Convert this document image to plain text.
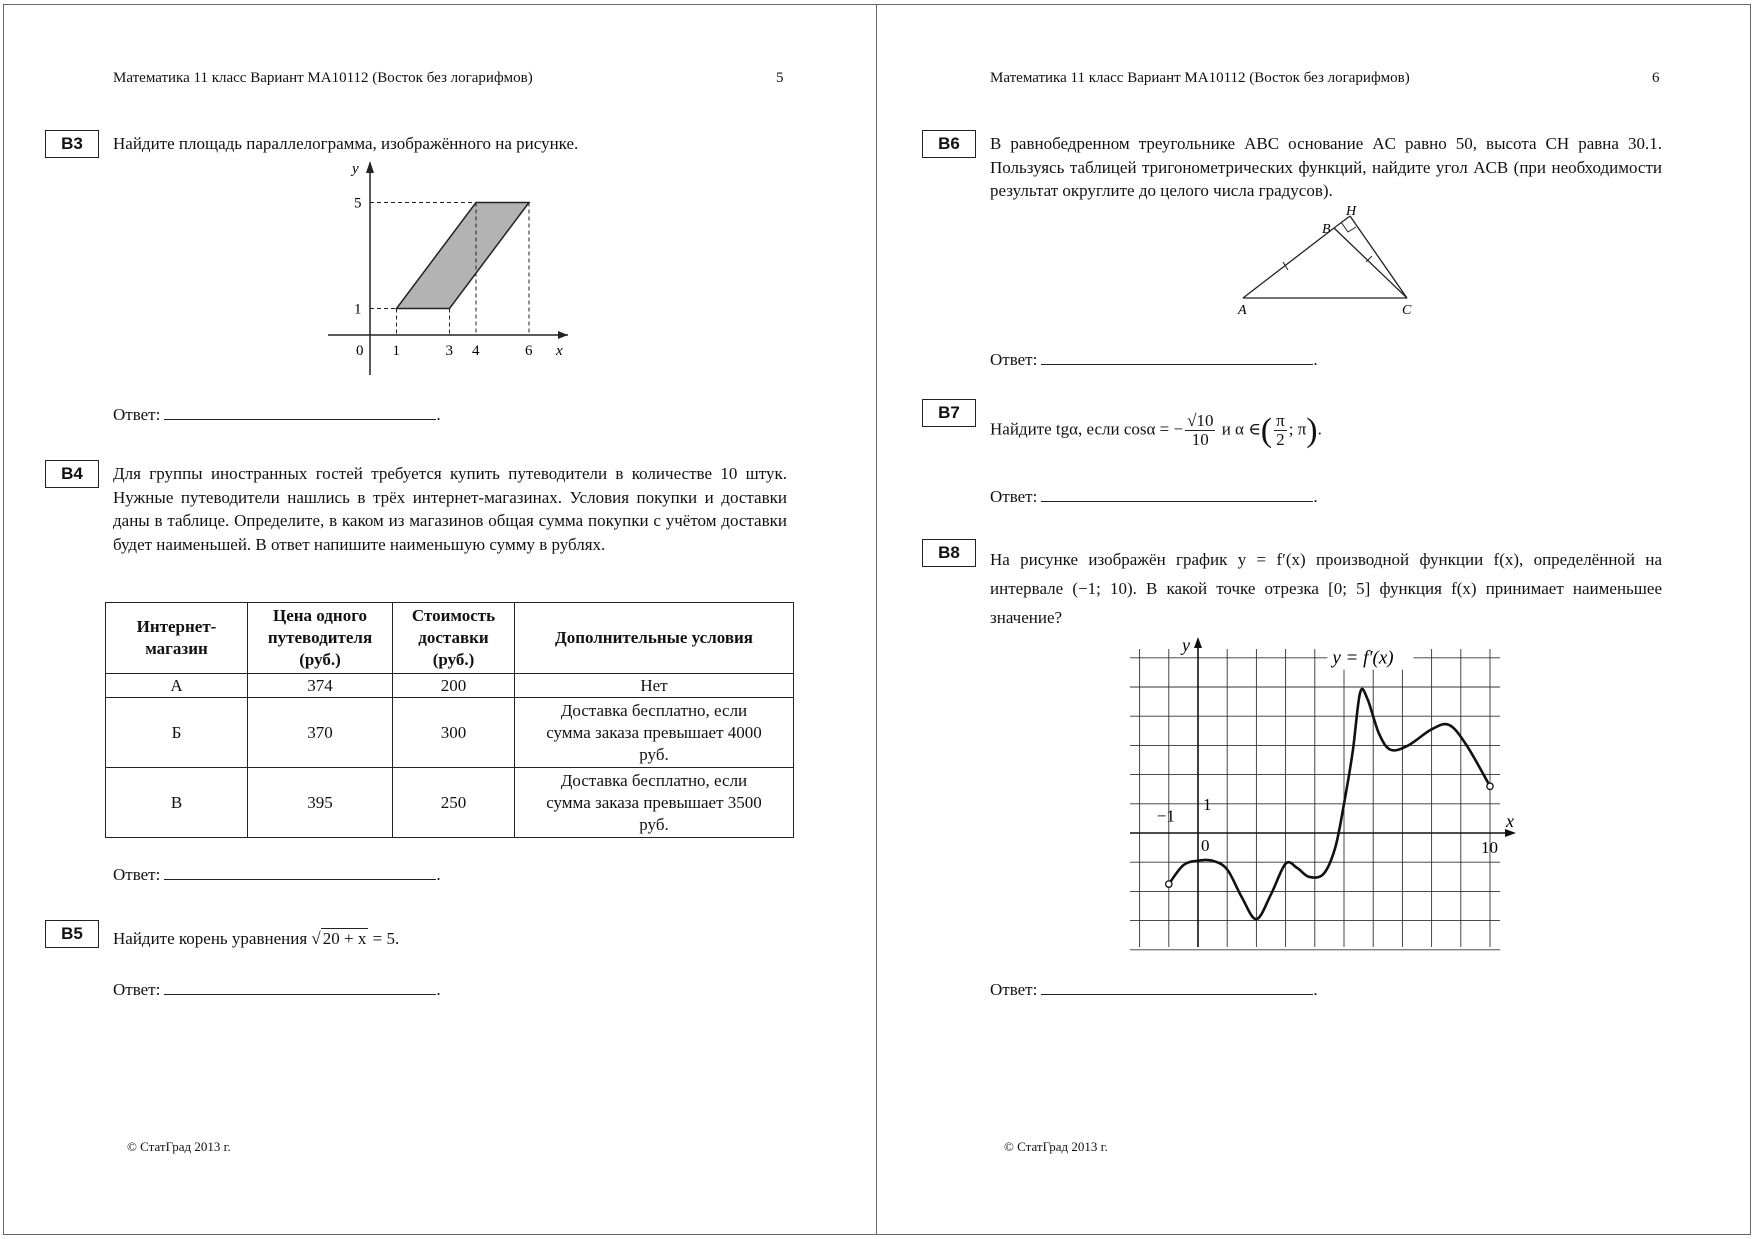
Математика 11 класс Вариант МА10112 (Восток без логарифмов)	5
B3	Найдите площадь параллелограмма, изображённого на рисунке.
1	3 4	6
1
5
0	x
y
Ответ:	.
B4	Для группы иностранных гостей требуется купить путеводители в количестве 10 штук. Нужные путеводители нашлись в трёх интернет-магазинах. Условия покупки и доставки даны в таблице. Определите, в каком из магазинов общая сумма покупки с учётом доставки будет наименьшей. В ответ напишите наименьшую сумму в рублях.
Интернет-магазин	Цена одного путеводителя (руб.)	Стоимость доставки (руб.)	Дополнительные условия
А	374	200	Нет
Б	370	300	Доставка бесплатно, если сумма заказа превышает 4000 руб.
В	395	250	Доставка бесплатно, если сумма заказа превышает 3500 руб.
Ответ:	.
B5	Найдите корень уравнения √ 20 + x = 5.
Ответ:	.
© СтатГрад 2013 г.
Математика 11 класс Вариант МА10112 (Восток без логарифмов)	6
B6	В равнобедренном треугольнике ABC основание AC равно 50, высота CH равна 30.1. Пользуясь таблицей тригонометрических функций, найдите угол ACB (при необходимости результат округлите до целого числа градусов).
A
B
C
H
Ответ:	.
B7
Найдите tgα, если cosα = − $\frac{√10}{10}$ и α ∈( $\frac{\pi}{2}$ ; π).
Ответ:	.
B8	На рисунке изображён график y = f′(x) производной функции f(x), определённой на интервале (−1; 10). В какой точке отрезка [0; 5] функция f(x) принимает наименьшее значение?
y = f′(x)
−1
1
0	10
x
y
Ответ:	.
© СтатГрад 2013 г.
